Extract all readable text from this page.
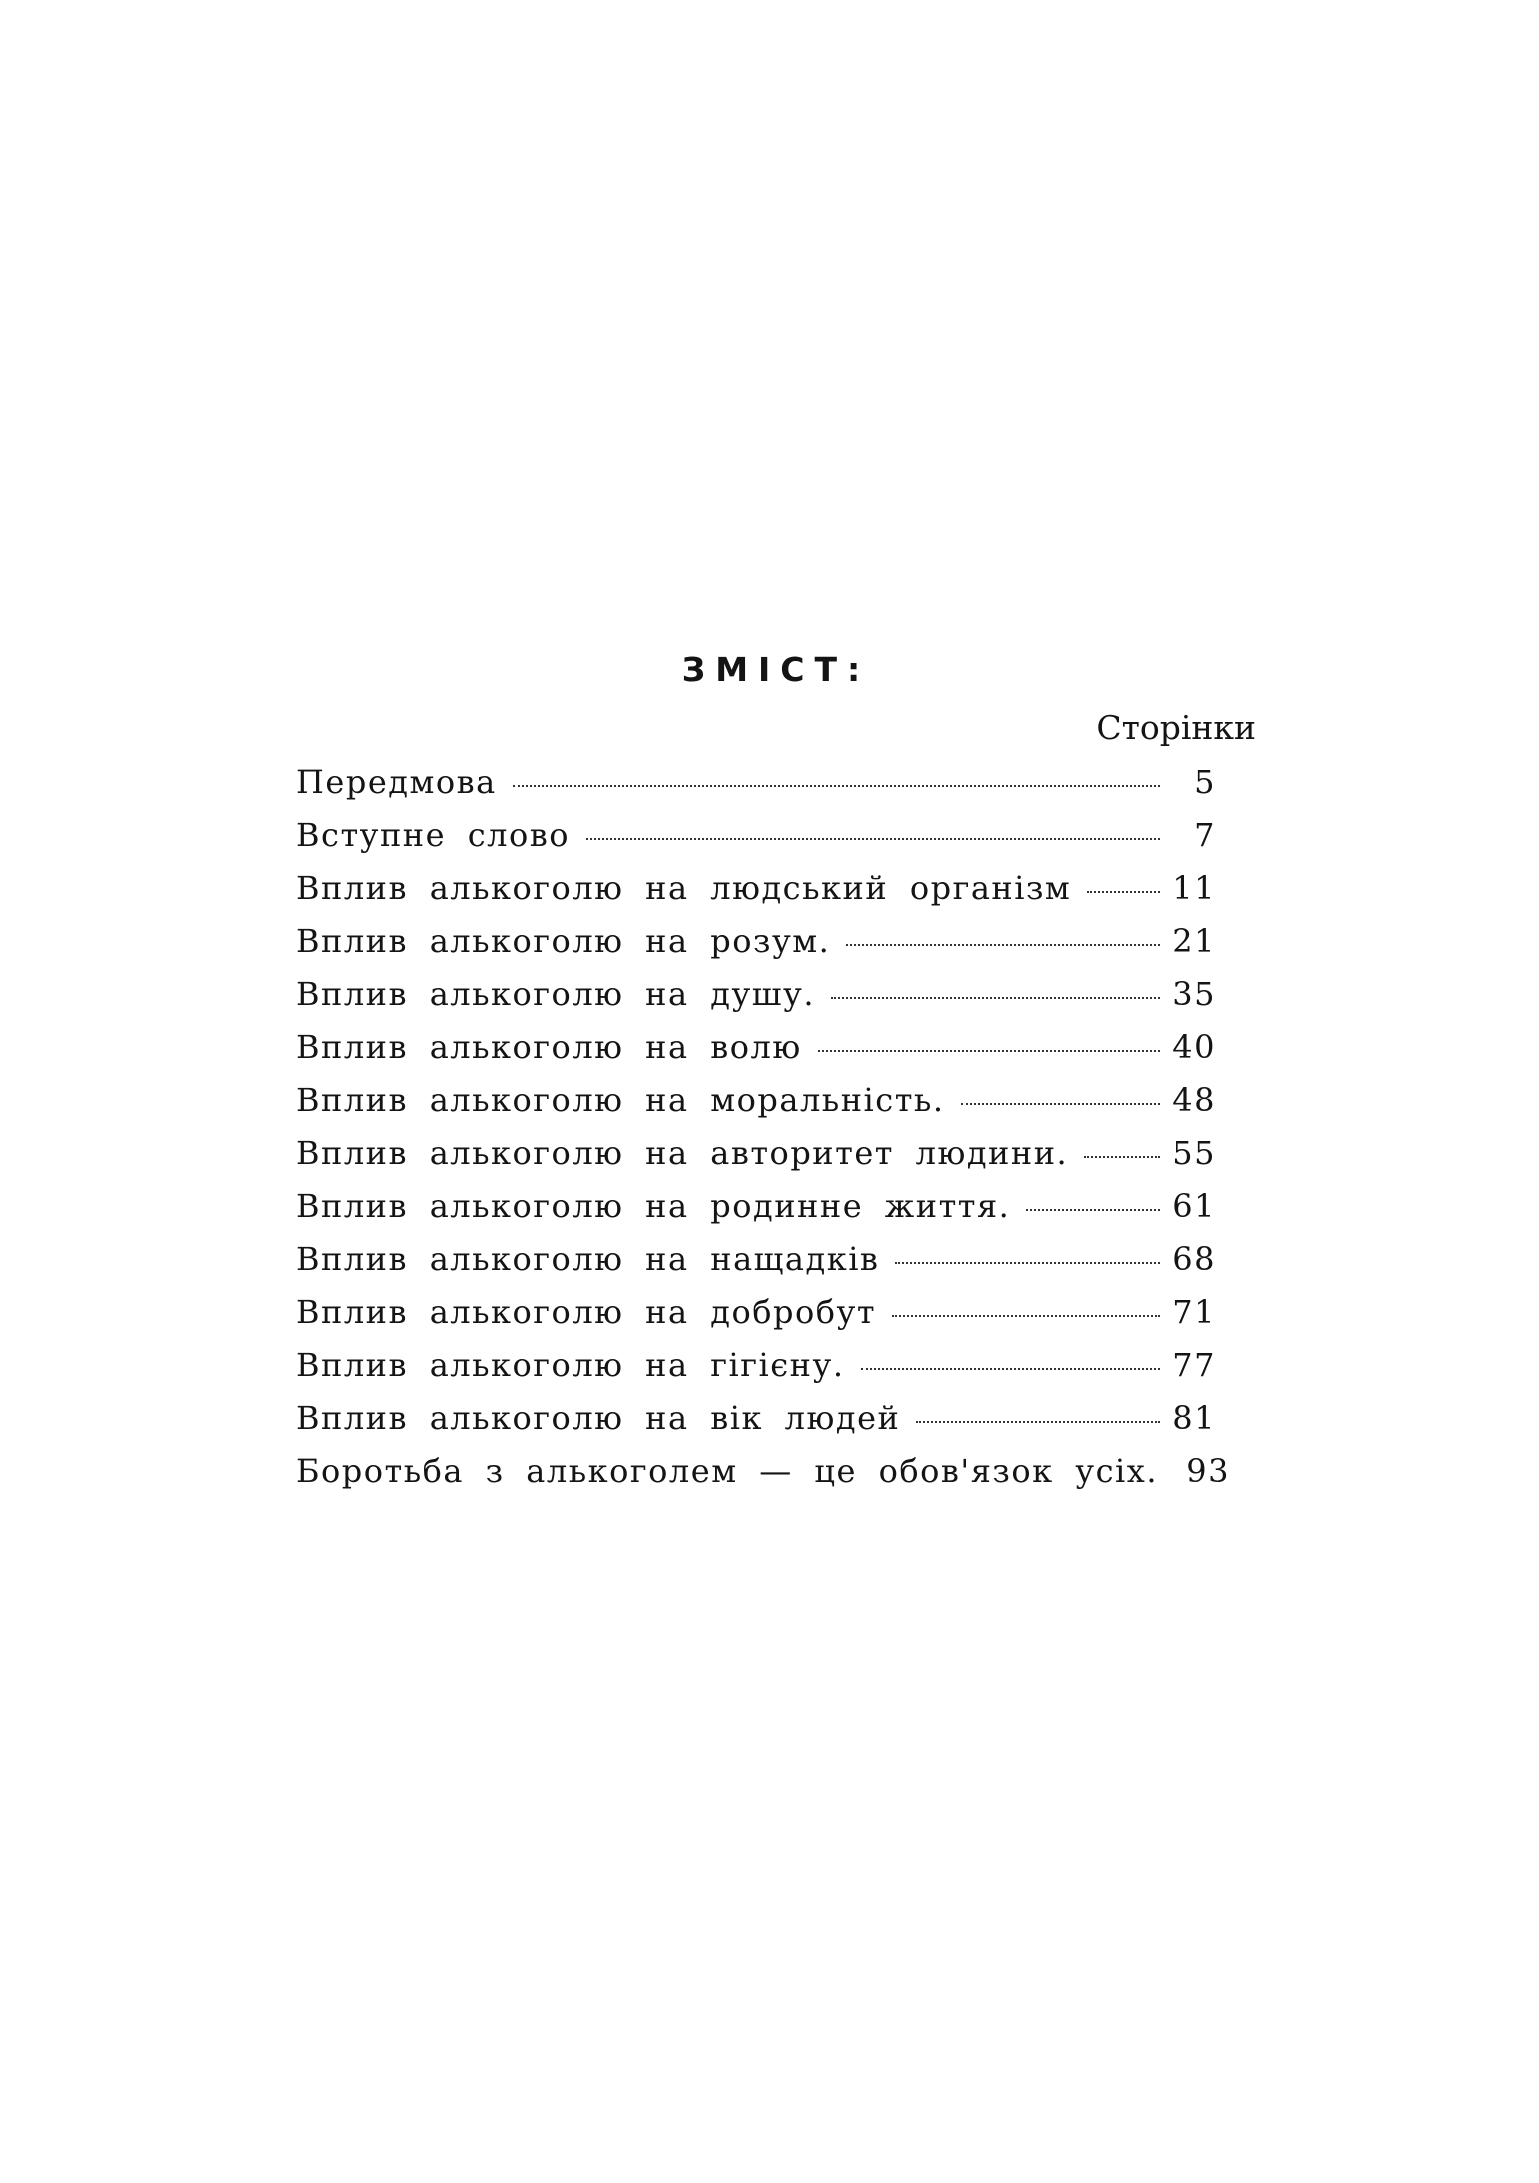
ЗМІСТ:
Сторінки
Передмова	5
Вступне слово	7
Вплив алькоголю на людський організм	11
Вплив алькоголю на розум.	21
Вплив алькоголю на душу.	35
Вплив алькоголю на волю	40
Вплив алькоголю на моральність.	48
Вплив алькоголю на авторитет людини.	55
Вплив алькоголю на родинне життя.	61
Вплив алькоголю на нащадків	68
Вплив алькоголю на добробут	71
Вплив алькоголю на гігієну.	77
Вплив алькоголю на вік людей	81
Боротьба з алькоголем — це обов'язок усіх. 93
